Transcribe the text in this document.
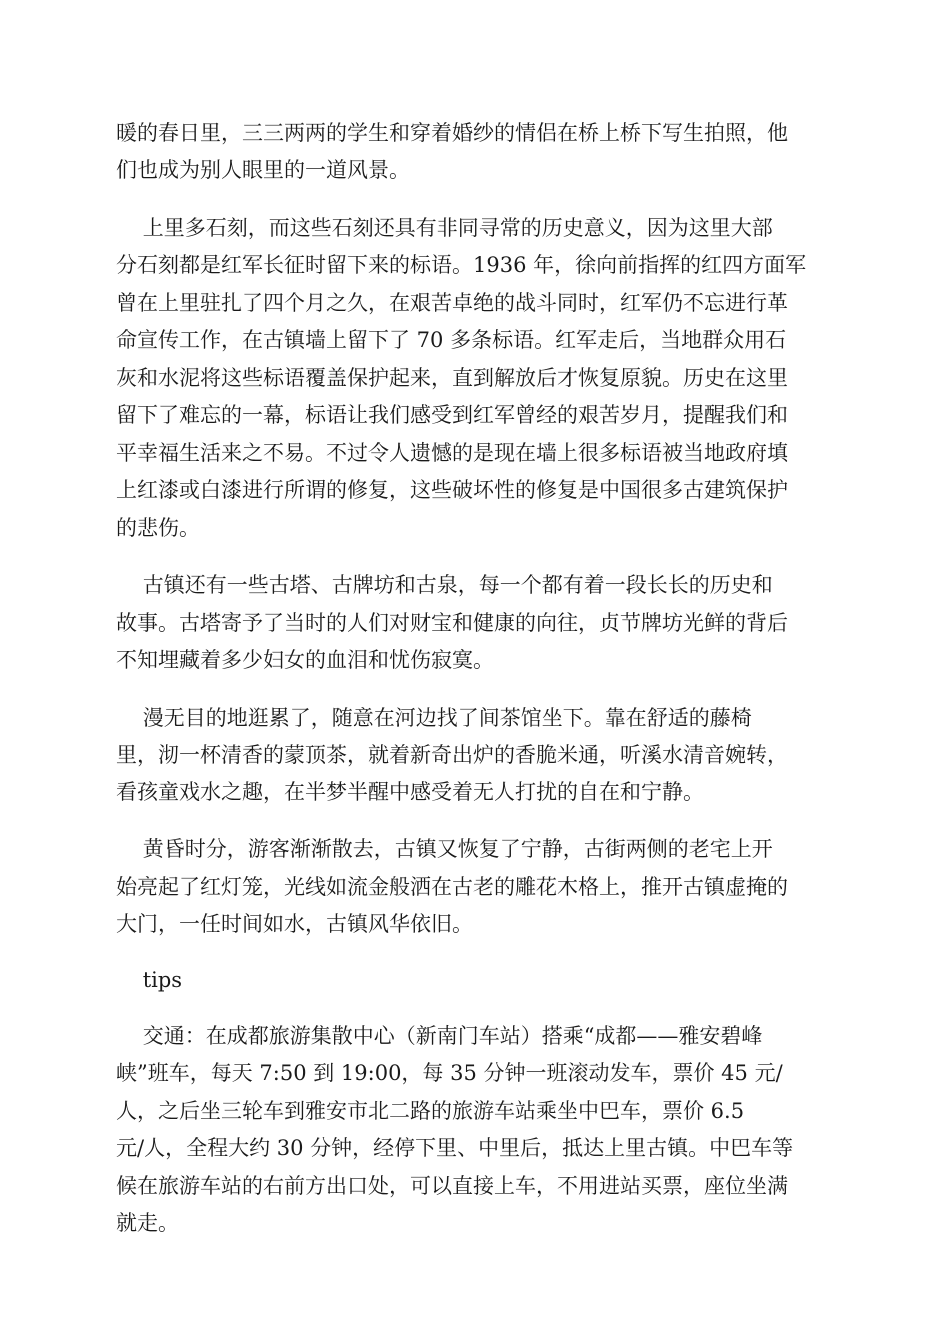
暖的春日里，三三两两的学生和穿着婚纱的情侣在桥上桥下写生拍照，他
们也成为别人眼里的一道风景。
上里多石刻，而这些石刻还具有非同寻常的历史意义，因为这里大部
分石刻都是红军长征时留下来的标语。1936 年，徐向前指挥的红四方面军
曾在上里驻扎了四个月之久，在艰苦卓绝的战斗同时，红军仍不忘进行革
命宣传工作，在古镇墙上留下了 70 多条标语。红军走后，当地群众用石
灰和水泥将这些标语覆盖保护起来，直到解放后才恢复原貌。历史在这里
留下了难忘的一幕，标语让我们感受到红军曾经的艰苦岁月，提醒我们和
平幸福生活来之不易。不过令人遗憾的是现在墙上很多标语被当地政府填
上红漆或白漆进行所谓的修复，这些破坏性的修复是中国很多古建筑保护
的悲伤。
古镇还有一些古塔、古牌坊和古泉，每一个都有着一段长长的历史和
故事。古塔寄予了当时的人们对财宝和健康的向往，贞节牌坊光鲜的背后
不知埋藏着多少妇女的血泪和忧伤寂寞。
漫无目的地逛累了，随意在河边找了间茶馆坐下。靠在舒适的藤椅
里，沏一杯清香的蒙顶茶，就着新奇出炉的香脆米通，听溪水清音婉转，
看孩童戏水之趣，在半梦半醒中感受着无人打扰的自在和宁静。
黄昏时分，游客渐渐散去，古镇又恢复了宁静，古街两侧的老宅上开
始亮起了红灯笼，光线如流金般洒在古老的雕花木格上，推开古镇虚掩的
大门，一任时间如水，古镇风华依旧。
tips
交通：在成都旅游集散中心（新南门车站）搭乘“成都——雅安碧峰
峡”班车，每天 7:50 到 19:00，每 35 分钟一班滚动发车，票价 45 元/
人，之后坐三轮车到雅安市北二路的旅游车站乘坐中巴车，票价 6.5
元/人，全程大约 30 分钟，经停下里、中里后，抵达上里古镇。中巴车等
候在旅游车站的右前方出口处，可以直接上车，不用进站买票，座位坐满
就走。
